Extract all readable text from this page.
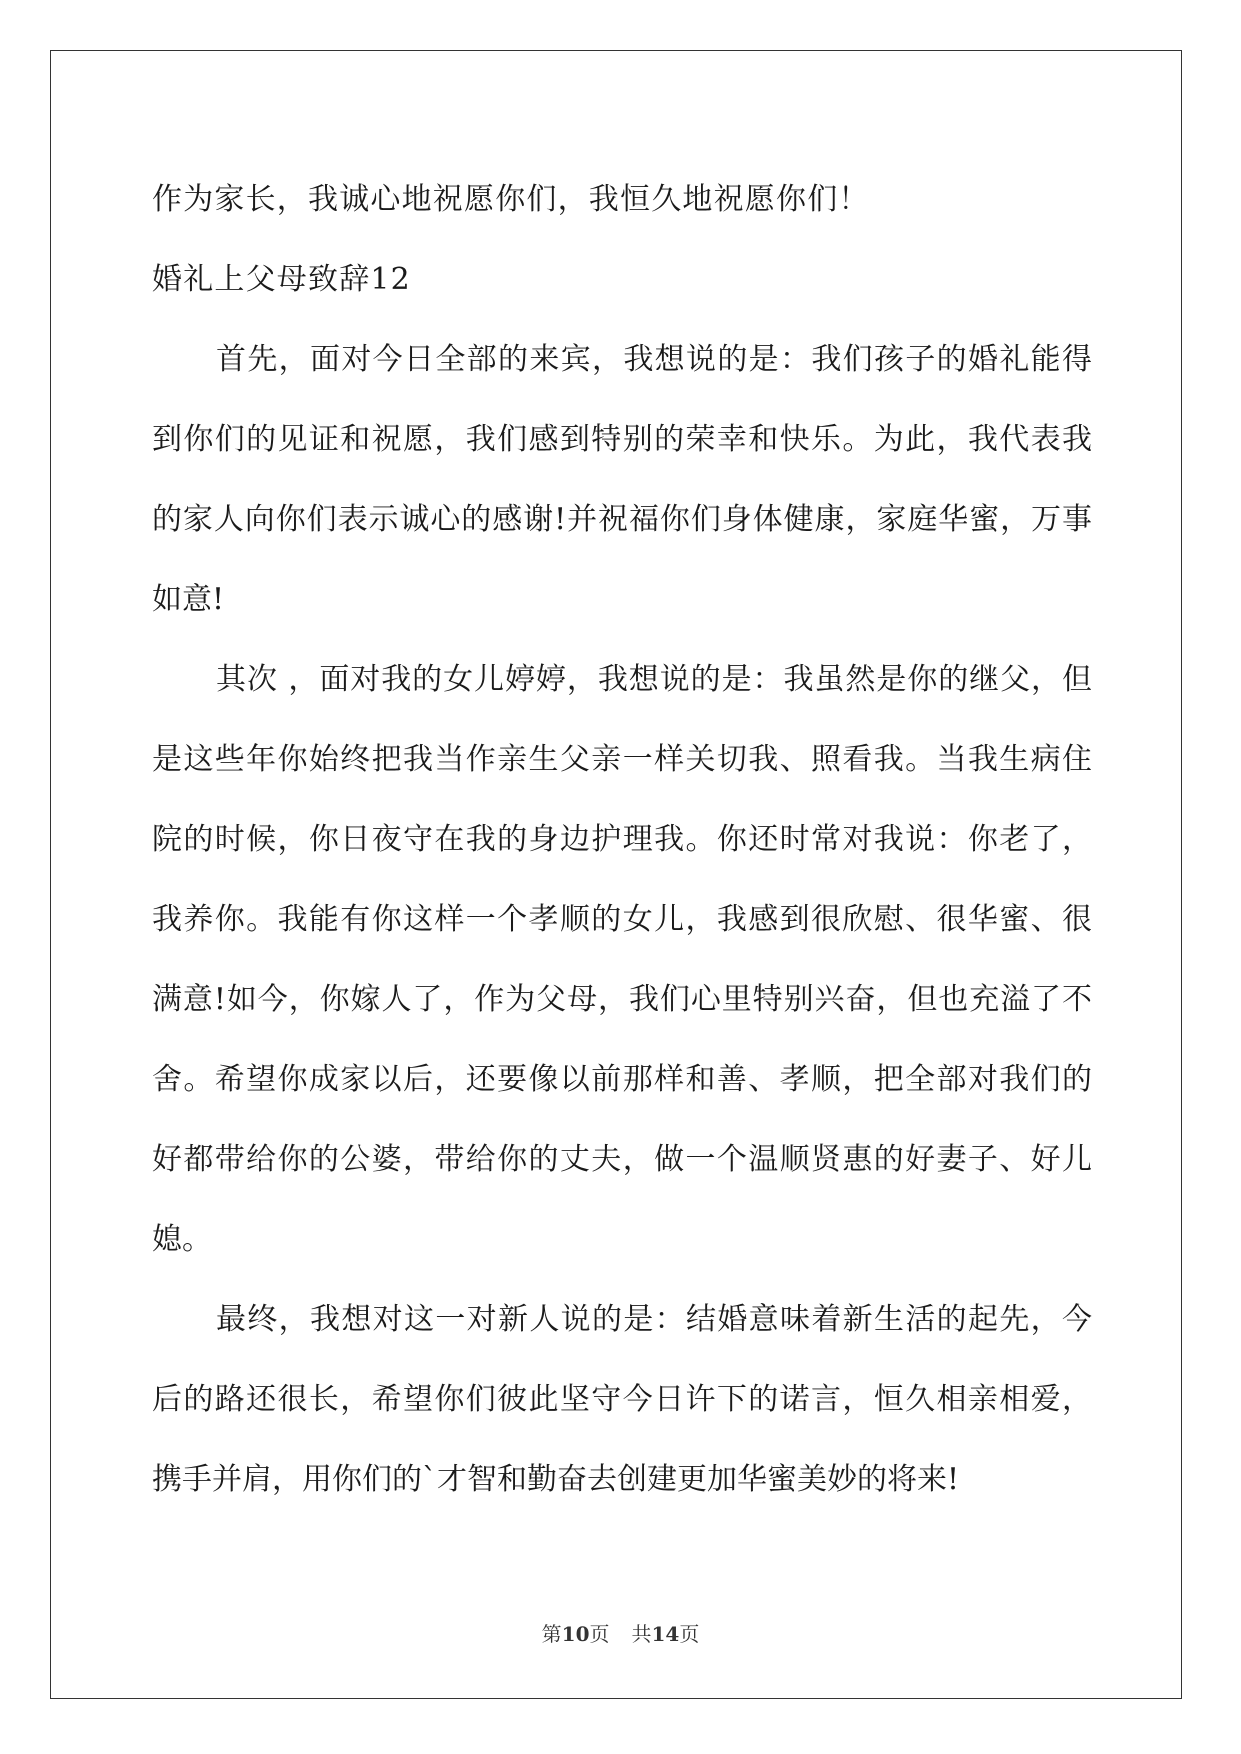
作为家长，我诚心地祝愿你们，我恒久地祝愿你们！
婚礼上父母致辞12
首先，面对今日全部的来宾，我想说的是：我们孩子的婚礼能得
到你们的见证和祝愿，我们感到特别的荣幸和快乐。为此，我代表我
的家人向你们表示诚心的感谢!并祝福你们身体健康，家庭华蜜，万事
如意!
其次 ，面对我的女儿婷婷，我想说的是：我虽然是你的继父，但
是这些年你始终把我当作亲生父亲一样关切我、照看我。当我生病住
院的时候，你日夜守在我的身边护理我。你还时常对我说：你老了，
我养你。我能有你这样一个孝顺的女儿，我感到很欣慰、很华蜜、很
满意!如今，你嫁人了，作为父母，我们心里特别兴奋，但也充溢了不
舍。希望你成家以后，还要像以前那样和善、孝顺，把全部对我们的
好都带给你的公婆，带给你的丈夫，做一个温顺贤惠的好妻子、好儿
媳。
最终，我想对这一对新人说的是：结婚意味着新生活的起先，今
后的路还很长，希望你们彼此坚守今日许下的诺言，恒久相亲相爱，
携手并肩，用你们的`才智和勤奋去创建更加华蜜美妙的将来!
第10页 共14页
